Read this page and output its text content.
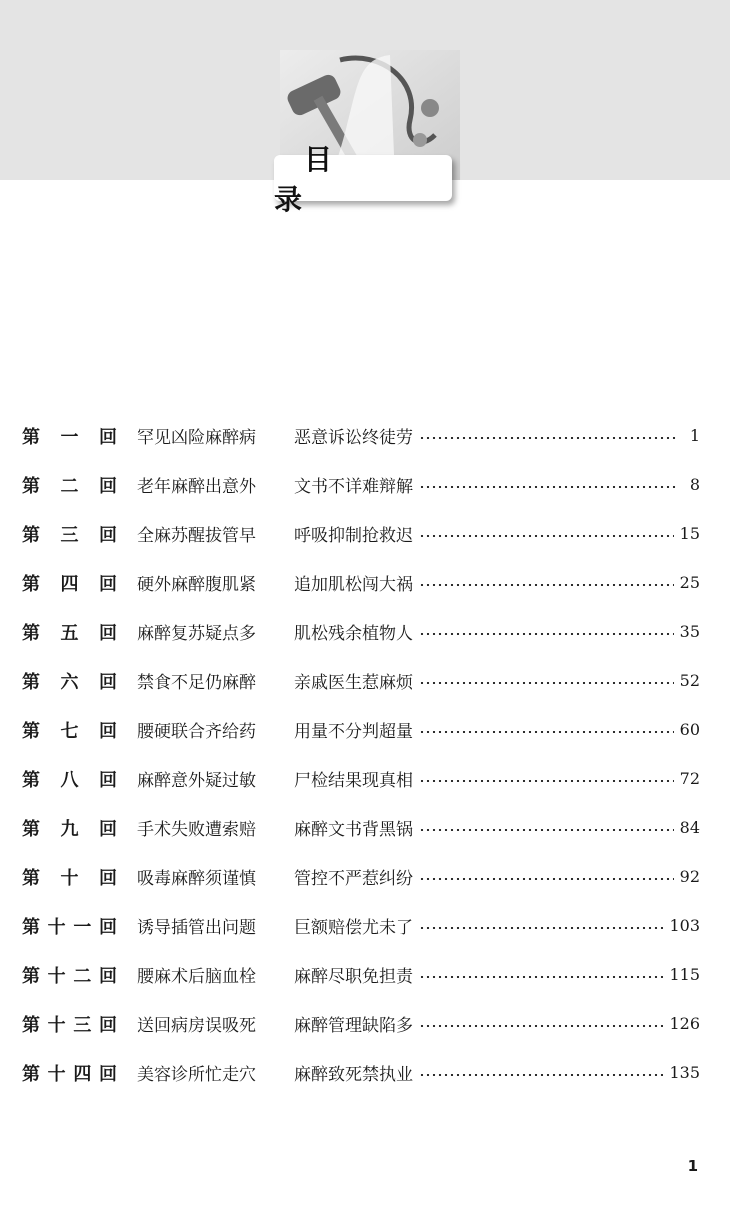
目 录
第一回 罕见凶险麻醉病	恶意诉讼终徒劳	1
第二回 老年麻醉出意外	文书不详难辩解	8
第三回 全麻苏醒拔管早	呼吸抑制抢救迟	15
第四回 硬外麻醉腹肌紧	追加肌松闯大祸	25
第五回 麻醉复苏疑点多	肌松残余植物人	35
第六回 禁食不足仍麻醉	亲戚医生惹麻烦	52
第七回 腰硬联合齐给药	用量不分判超量	60
第八回 麻醉意外疑过敏	尸检结果现真相	72
第九回 手术失败遭索赔	麻醉文书背黑锅	84
第十回 吸毒麻醉须谨慎	管控不严惹纠纷	92
第十一回 诱导插管出问题	巨额赔偿尤未了	103
第十二回 腰麻术后脑血栓	麻醉尽职免担责	115
第十三回 送回病房误吸死	麻醉管理缺陷多	126
第十四回 美容诊所忙走穴	麻醉致死禁执业	135
1
